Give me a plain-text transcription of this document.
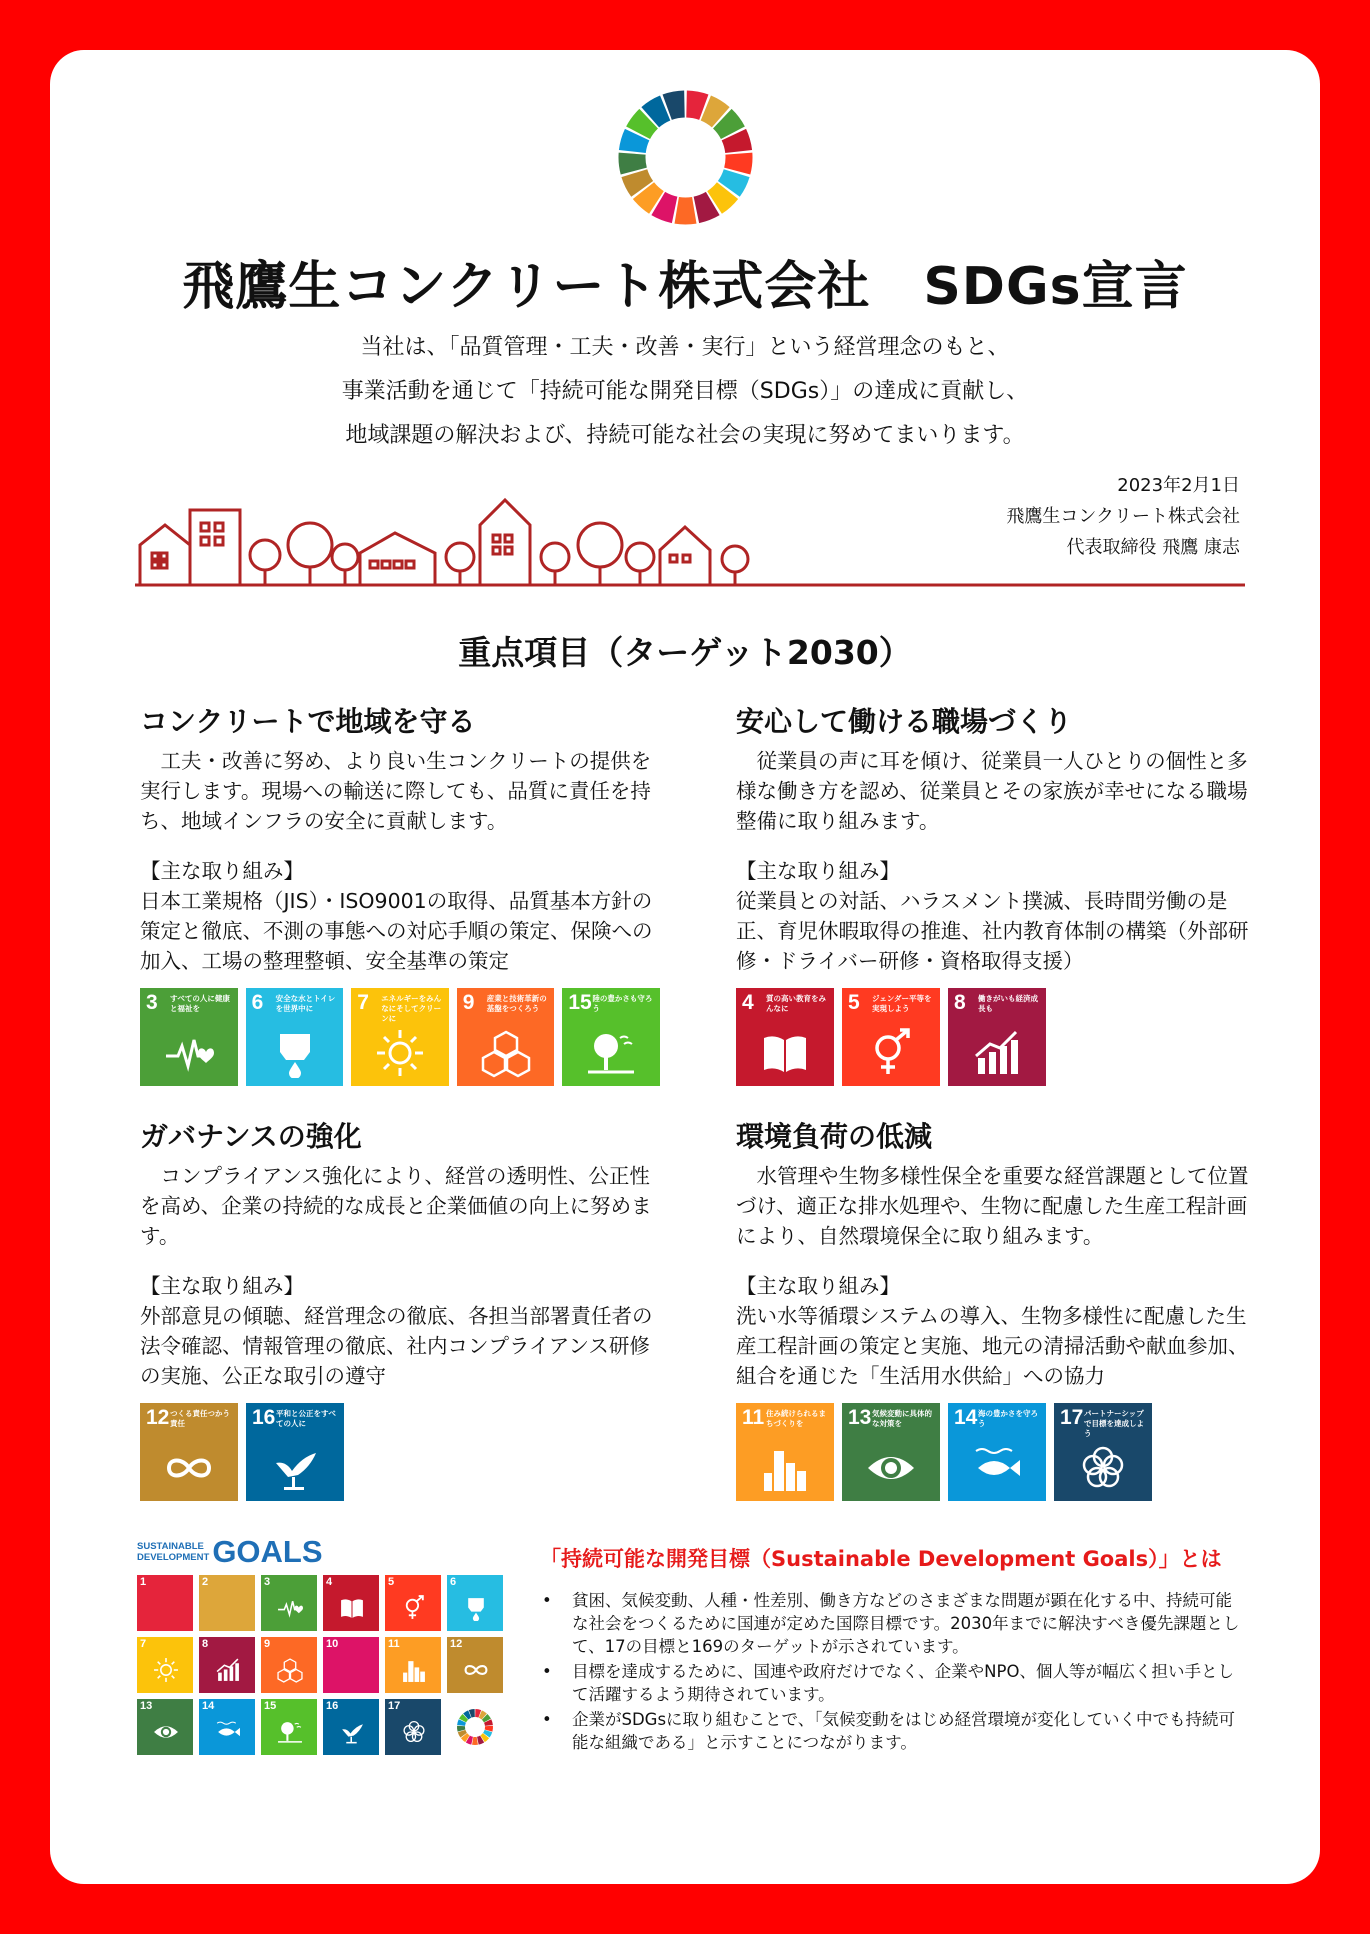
飛鷹生コンクリート株式会社　SDGs宣言
当社は、「品質管理・工夫・改善・実行」という経営理念のもと、
事業活動を通じて「持続可能な開発目標（SDGs）」の達成に貢献し、
地域課題の解決および、持続可能な社会の実現に努めてまいります。
2023年2月1日
飛鷹生コンクリート株式会社
代表取締役 飛鷹 康志
重点項目（ターゲット2030）
コンクリートで地域を守る

工夫・改善に努め、より良い生コンクリートの提供を実行します。現場への輸送に際しても、品質に責任を持ち、地域インフラの安全に貢献します。

【主な取り組み】

日本工業規格（JIS）・ISO9001の取得、品質基本方針の策定と徹底、不測の事態への対応手順の策定、保険への加入、工場の整理整頓、安全基準の策定

3 すべての人に健康と福祉を	6 安全な水とトイレを世界中に	7 エネルギーをみんなにそしてクリーンに
9 産業と技術革新の基盤をつくろう	15 陸の豊かさも守ろう
安心して働ける職場づくり

従業員の声に耳を傾け、従業員一人ひとりの個性と多様な働き方を認め、従業員とその家族が幸せになる職場整備に取り組みます。

【主な取り組み】

従業員との対話、ハラスメント撲滅、長時間労働の是正、育児休暇取得の推進、社内教育体制の構築（外部研修・ドライバー研修・資格取得支援）

4 質の高い教育をみんなに	5 ジェンダー平等を実現しよう	8 働きがいも経済成長も
ガバナンスの強化

コンプライアンス強化により、経営の透明性、公正性を高め、企業の持続的な成長と企業価値の向上に努めます。

【主な取り組み】

外部意見の傾聴、経営理念の徹底、各担当部署責任者の法令確認、情報管理の徹底、社内コンプライアンス研修の実施、公正な取引の遵守

12 つくる責任つかう責任	16 平和と公正をすべての人に
環境負荷の低減

水管理や生物多様性保全を重要な経営課題として位置づけ、適正な排水処理や、生物に配慮した生産工程計画により、自然環境保全に取り組みます。

【主な取り組み】

洗い水等循環システムの導入、生物多様性に配慮した生産工程計画の策定と実施、地元の清掃活動や献血参加、組合を通じた「生活用水供給」への協力

11 住み続けられるまちづくりを	13 気候変動に具体的な対策を	14 海の豊かさを守ろう	17 パートナーシップで目標を達成しよう
SUSTAINABLE
DEVELOPMENT GOALS
1	2	3	4	5	6
7	8	9	10	11	12
13	14	15	16	17
「持続可能な開発目標（Sustainable Development Goals）」とは
• 貧困、気候変動、人種・性差別、働き方などのさまざまな問題が顕在化する中、持続可能な社会をつくるために国連が定めた国際目標です。2030年までに解決すべき優先課題として、17の目標と169のターゲットが示されています。
• 目標を達成するために、国連や政府だけでなく、企業やNPO、個人等が幅広く担い手として活躍するよう期待されています。
• 企業がSDGsに取り組むことで、「気候変動をはじめ経営環境が変化していく中でも持続可能な組織である」と示すことにつながります。
